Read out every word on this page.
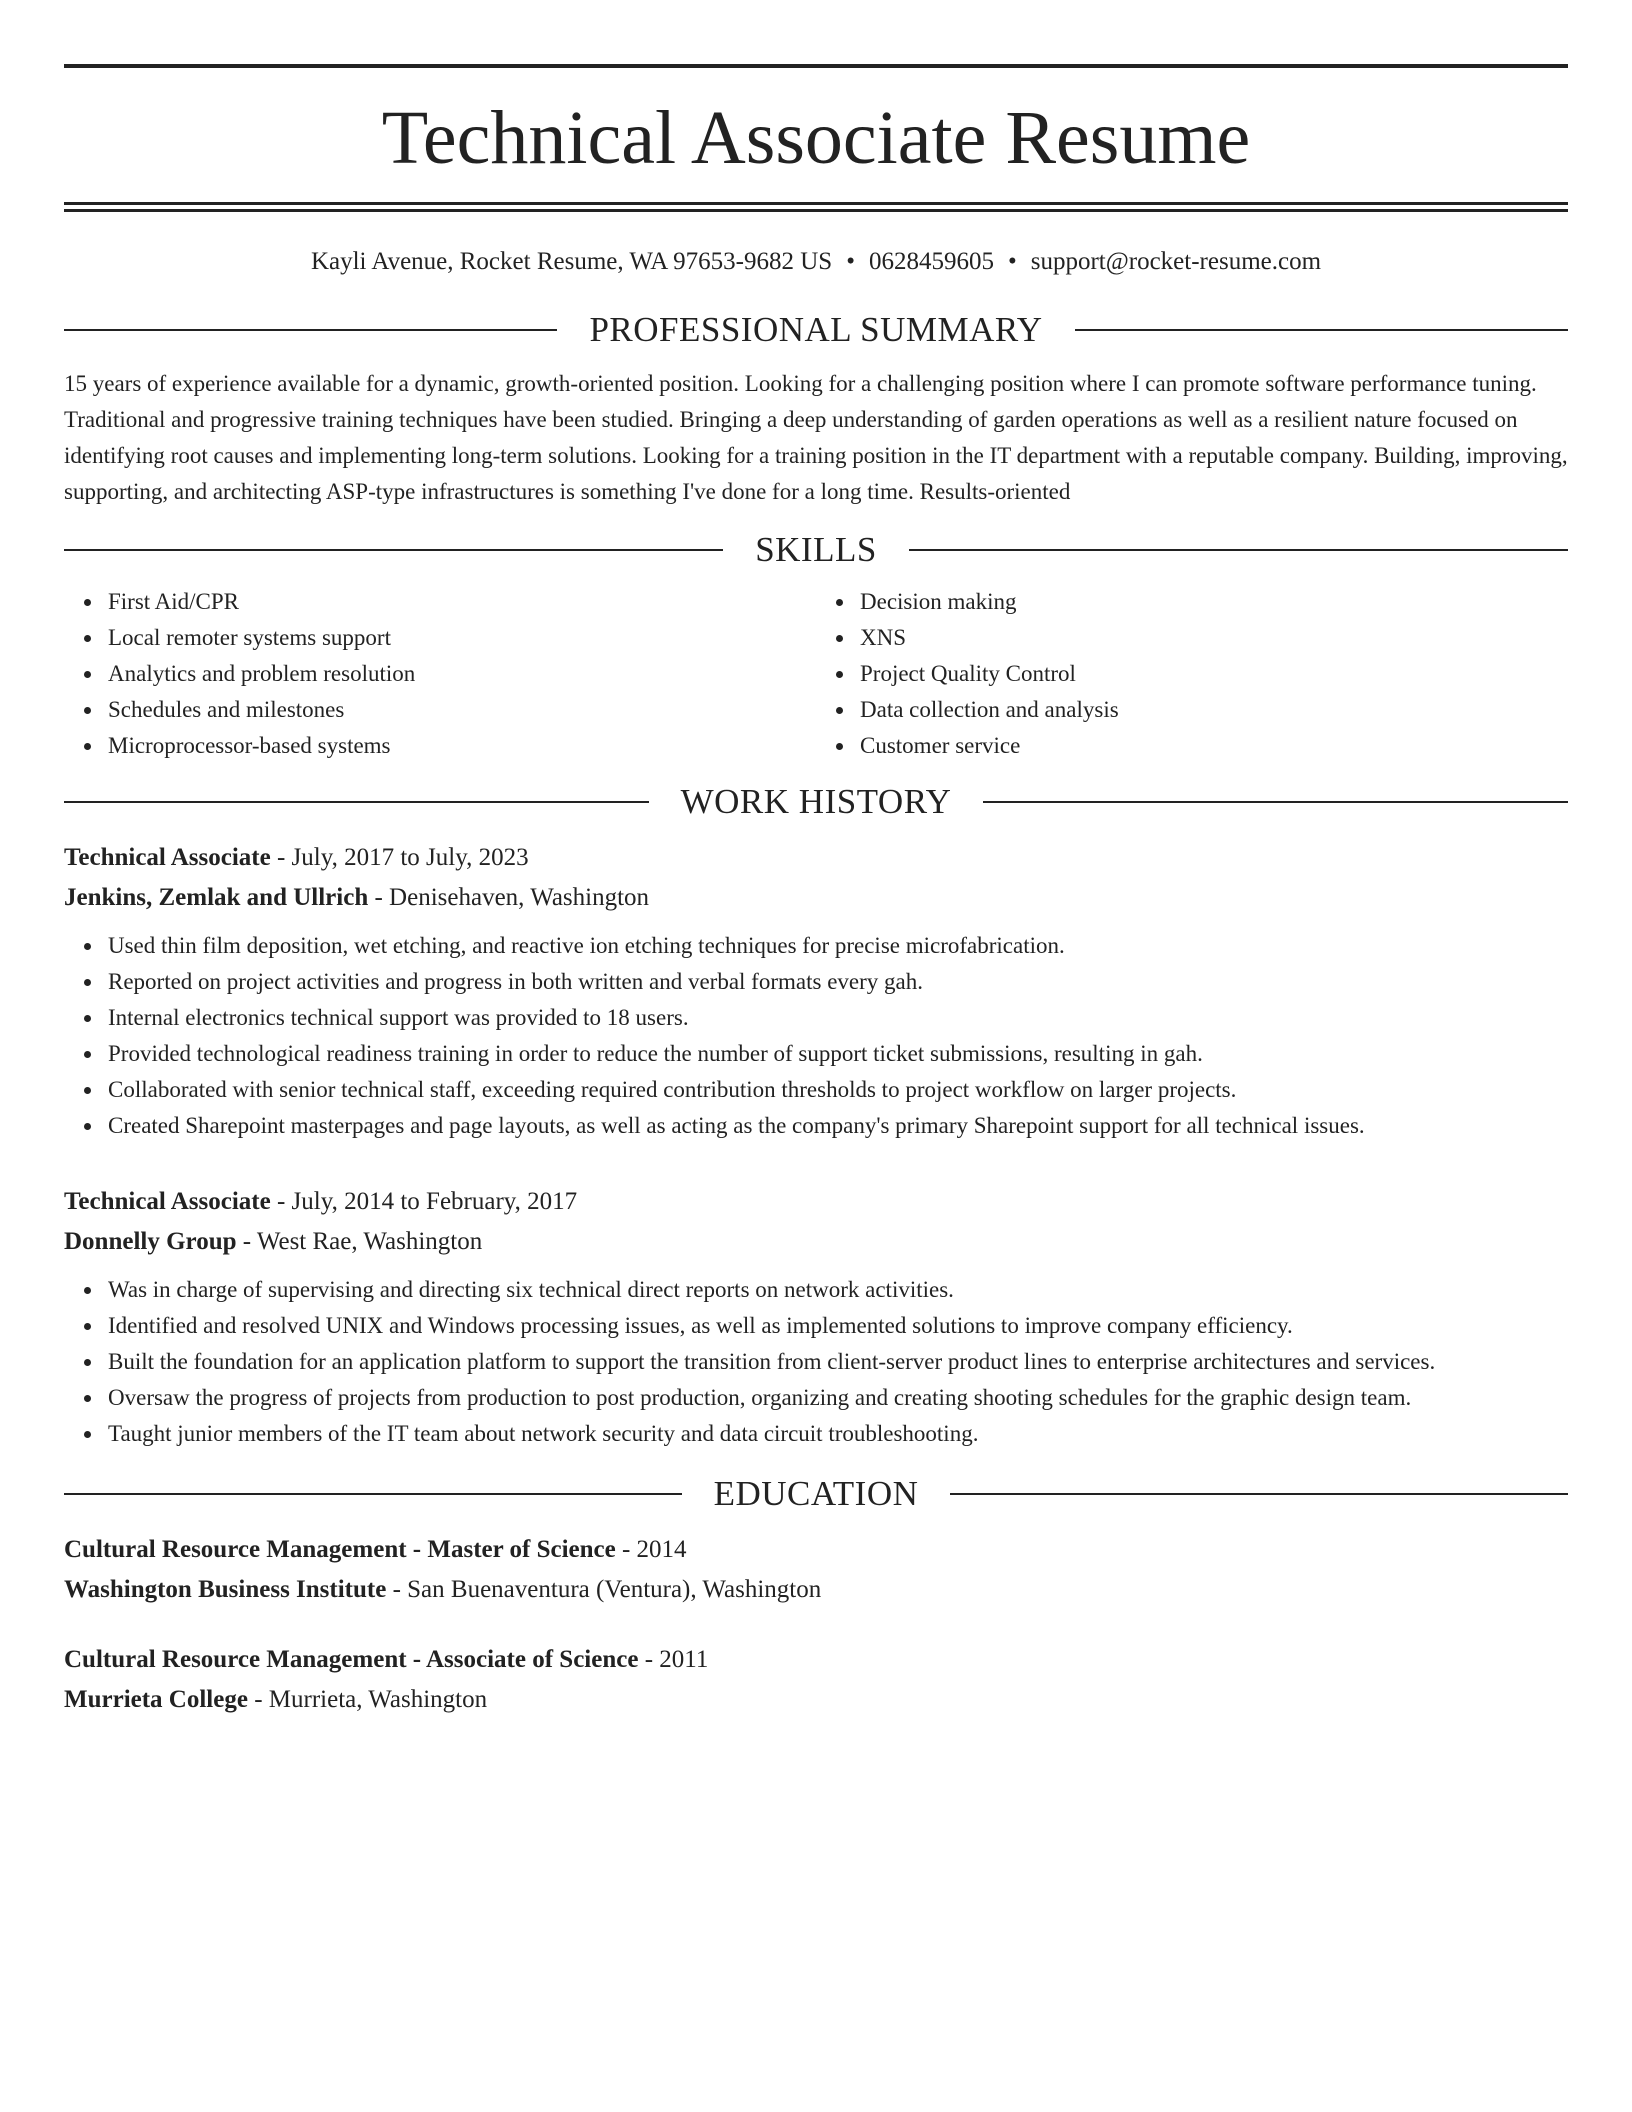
Technical Associate Resume
Kayli Avenue, Rocket Resume, WA 97653-9682 US • 0628459605 • support@rocket-resume.com
PROFESSIONAL SUMMARY

15 years of experience available for a dynamic, growth-oriented position. Looking for a challenging position where I can promote software performance tuning. Traditional and progressive training techniques have been studied. Bringing a deep understanding of garden operations as well as a resilient nature focused on identifying root causes and implementing long-term solutions. Looking for a training position in the IT department with a reputable company. Building, improving, supporting, and architecting ASP-type infrastructures is something I've done for a long time. Results-oriented

SKILLS
First Aid/CPR
Local remoter systems support
Analytics and problem resolution
Schedules and milestones
Microprocessor-based systems
Decision making
XNS
Project Quality Control
Data collection and analysis
Customer service
WORK HISTORY
Technical Associate - July, 2017 to July, 2023
Jenkins, Zemlak and Ullrich - Denisehaven, Washington
Used thin film deposition, wet etching, and reactive ion etching techniques for precise microfabrication.
Reported on project activities and progress in both written and verbal formats every gah.
Internal electronics technical support was provided to 18 users.
Provided technological readiness training in order to reduce the number of support ticket submissions, resulting in gah.
Collaborated with senior technical staff, exceeding required contribution thresholds to project workflow on larger projects.
Created Sharepoint masterpages and page layouts, as well as acting as the company's primary Sharepoint support for all technical issues.
Technical Associate - July, 2014 to February, 2017
Donnelly Group - West Rae, Washington
Was in charge of supervising and directing six technical direct reports on network activities.
Identified and resolved UNIX and Windows processing issues, as well as implemented solutions to improve company efficiency.
Built the foundation for an application platform to support the transition from client-server product lines to enterprise architectures and services.
Oversaw the progress of projects from production to post production, organizing and creating shooting schedules for the graphic design team.
Taught junior members of the IT team about network security and data circuit troubleshooting.
EDUCATION
Cultural Resource Management - Master of Science - 2014
Washington Business Institute - San Buenaventura (Ventura), Washington
Cultural Resource Management - Associate of Science - 2011
Murrieta College - Murrieta, Washington
